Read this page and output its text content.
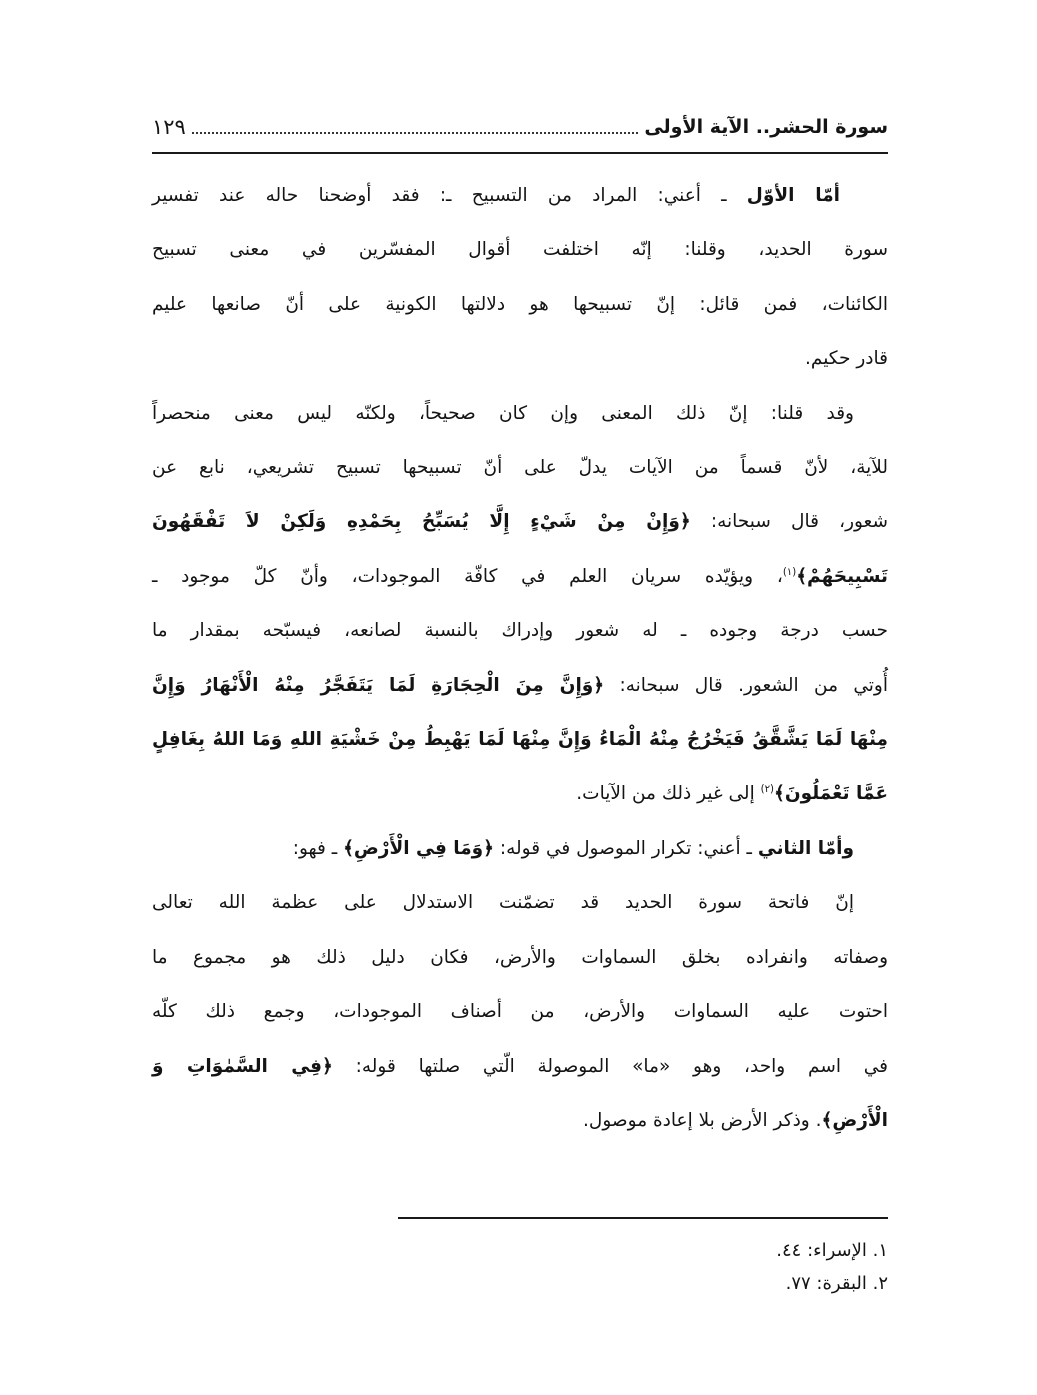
سورة الحشر.. الآية الأولى
١٢٩
أمّا الأوّل ـ أعني: المراد من التسبيح ـ: فقد أوضحنا حاله عند تفسير
سورة الحديد، وقلنا: إنّه اختلفت أقوال المفسّرين في معنى تسبيح
الكائنات، فمن قائل: إنّ تسبيحها هو دلالتها الكونية على أنّ صانعها عليم
قادر حكيم.
وقد قلنا: إنّ ذلك المعنى وإن كان صحيحاً، ولكنّه ليس معنى منحصراً
للآية، لأنّ قسماً من الآيات يدلّ على أنّ تسبيحها تسبيح تشريعي، نابع عن
شعور، قال سبحانه: ﴿وَإِنْ مِنْ شَيْءٍ إِلَّا يُسَبِّحُ بِحَمْدِهِ وَلَكِنْ لاَ تَفْقَهُونَ
تَسْبِيحَهُمْ﴾$^{(١)}$، ويؤيّده سريان العلم في كافّة الموجودات، وأنّ كلّ موجود ـ
حسب درجة وجوده ـ له شعور وإدراك بالنسبة لصانعه، فيسبّحه بمقدار ما
أُوتي من الشعور. قال سبحانه: ﴿وَإِنَّ مِنَ الْحِجَارَةِ لَمَا يَتَفَجَّرُ مِنْهُ الْأَنْهَارُ وَإِنَّ
مِنْهَا لَمَا يَشَّقَّقُ فَيَخْرُجُ مِنْهُ الْمَاءُ وَإِنَّ مِنْهَا لَمَا يَهْبِطُ مِنْ خَشْيَةِ اللهِ وَمَا اللهُ بِغَافِلٍ
عَمَّا تَعْمَلُونَ﴾$^{(٢)}$ إلى غير ذلك من الآيات.
وأمّا الثاني ـ أعني: تكرار الموصول في قوله: ﴿وَمَا فِي الْأَرْضِ﴾ ـ فهو:
إنّ فاتحة سورة الحديد قد تضمّنت الاستدلال على عظمة الله تعالى
وصفاته وانفراده بخلق السماوات والأرض، فكان دليل ذلك هو مجموع ما
احتوت عليه السماوات والأرض، من أصناف الموجودات، وجمع ذلك كلّه
في اسم واحد، وهو «ما» الموصولة الّتي صلتها قوله: ﴿فِي السَّمٰوَاتِ وَ
الْأَرْضِ﴾. وذكر الأرض بلا إعادة موصول.
١. الإسراء: ٤٤.
٢. البقرة: ٧٧.
